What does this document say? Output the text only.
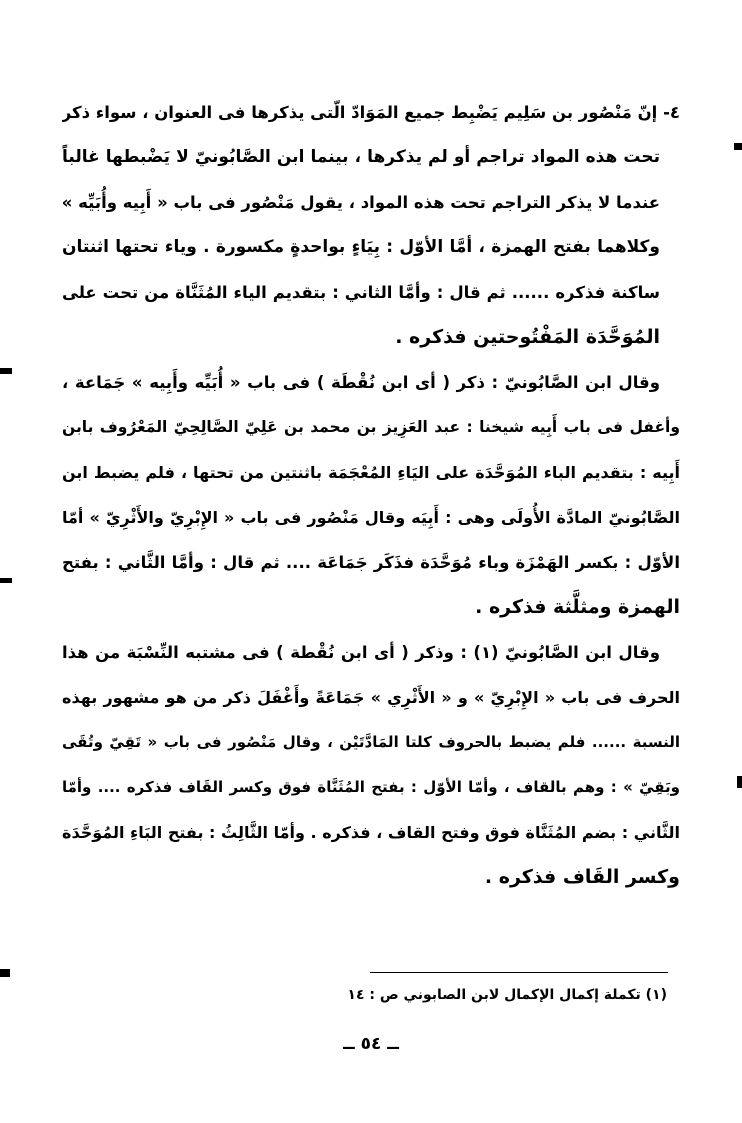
٤- إنّ مَنْصُور بن سَلِيم يَضْبِط جميع المَوَادّ الّتى يذكرها فى العنوان ، سواء ذكر
تحت هذه المواد تراجم أو لم يذكرها ، بينما ابن الصَّابُونيّ لا يَضْبطها غالباً
عندما لا يذكر التراجم تحت هذه المواد ، يقول مَنْصُور فى باب « أَبِيه وأُبَيِّه »
وكلاهما بفتح الهمزة ، أمَّا الأوّل : بِيَاءٍ بواحدةٍ مكسورة . وياء تحتها اثنتان
ساكنة فذكره ...... ثم قال : وأمَّا الثاني : بتقديم الياء المُثَنَّاة من تحت على
المُوَحَّدَة المَفْتُوحتين فذكره .
وقال ابن الصَّابُونيّ : ذكر ( أى ابن نُقْطَة ) فى باب « أُبَيِّه وأَبِيه » جَمَاعة ،
وأغفل فى باب أَبِيه شيخنا : عبد العَزِيز بن محمد بن عَلِيّ الصَّالِحِيّ المَعْرُوف بابن
أَبِيه : بتقديم الباء المُوَحَّدَة على اليَاءِ المُعْجَمَة باثنتين من تحتها ، فلم يضبط ابن
الصَّابُونيّ المادَّة الأُولَى وهى : أَبِيَه وقال مَنْصُور فى باب « الإِبْرِيّ والأَثْرِيّ » أمّا
الأوّل : بكسر الهَمْزَة وباء مُوَحَّدَة فذَكَر جَمَاعَة .... ثم قال : وأمَّا الثَّاني : بفتح
الهمزة ومثلَّثة فذكره .
وقال ابن الصَّابُونيّ (١) : وذكر ( أى ابن نُقْطة ) فى مشتبه النِّسْبَة من هذا
الحرف فى باب « الإِبْرِيّ » و « الأَثْرِي » جَمَاعَةً وأَغْفَلَ ذكر من هو مشهور بهذه
النسبة ...... فلم يضبط بالحروف كلتا المَادَّتَيْن ، وقال مَنْصُور فى باب « تَقِيّ وتُقَى
وبَقِيّ » : وهم بالقاف ، وأمّا الأوّل : بفتح المُثَنَّاة فوق وكسر القَاف فذكره .... وأمّا
الثَّاني : بضم المُثَنَّاة فوق وفتح القاف ، فذكره . وأمّا الثَّالِثُ : بفتح البَاءِ المُوَحَّدَة
وكسر القَاف فذكره .
(١) تكملة إكمال الإكمال لابن الصابوني ص : ١٤
ــ ٥٤ ــ
